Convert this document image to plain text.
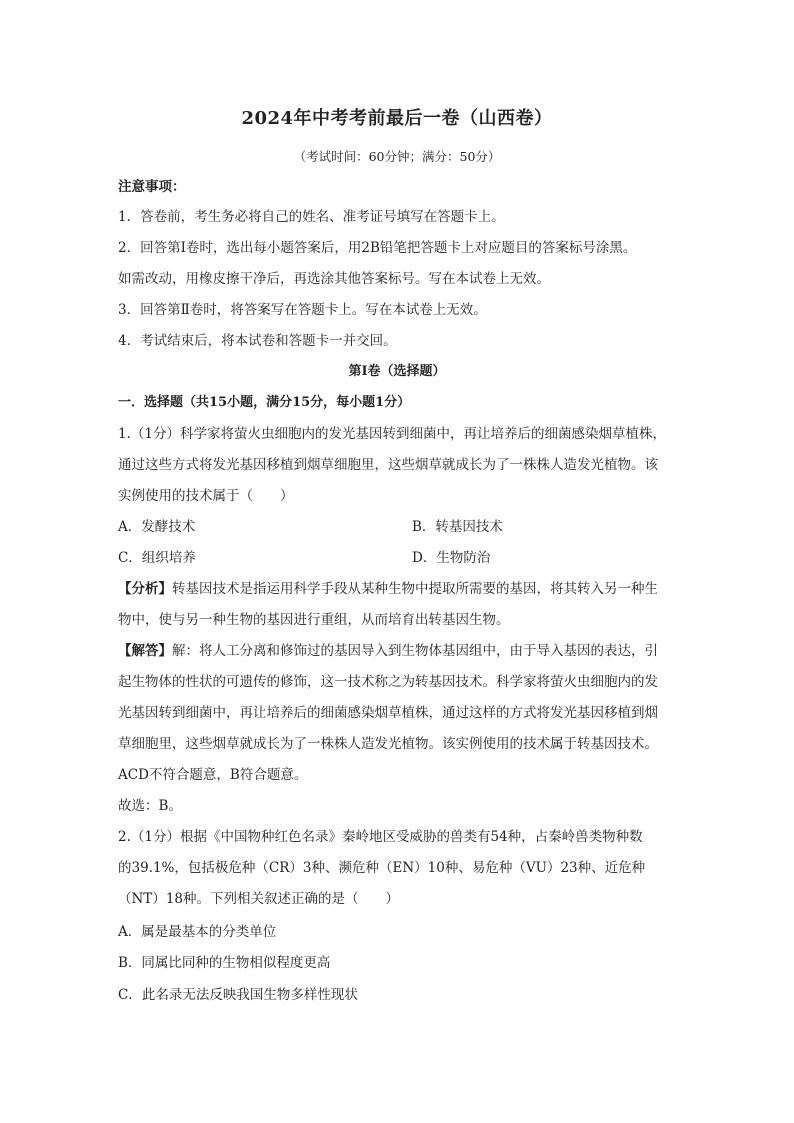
2024年中考考前最后一卷（山西卷）
（考试时间：60分钟；满分：50分）
注意事项：
1．答卷前，考生务必将自己的姓名、准考证号填写在答题卡上。
2．回答第Ⅰ卷时，选出每小题答案后，用2B铅笔把答题卡上对应题目的答案标号涂黑。
如需改动，用橡皮擦干净后，再选涂其他答案标号。写在本试卷上无效。
3．回答第Ⅱ卷时，将答案写在答题卡上。写在本试卷上无效。
4．考试结束后，将本试卷和答题卡一并交回。
第Ⅰ卷（选择题）
一．选择题（共15小题，满分15分，每小题1分）
1.（1分）科学家将萤火虫细胞内的发光基因转到细菌中，再让培养后的细菌感染烟草植株，
通过这些方式将发光基因移植到烟草细胞里，这些烟草就成长为了一株株人造发光植物。该
实例使用的技术属于（　　）
A．发酵技术	B．转基因技术
C．组织培养	D．生物防治
【分析】转基因技术是指运用科学手段从某种生物中提取所需要的基因，将其转入另一种生
物中，使与另一种生物的基因进行重组，从而培育出转基因生物。
【解答】解：将人工分离和修饰过的基因导入到生物体基因组中，由于导入基因的表达，引
起生物体的性状的可遗传的修饰，这一技术称之为转基因技术。科学家将萤火虫细胞内的发
光基因转到细菌中，再让培养后的细菌感染烟草植株，通过这样的方式将发光基因移植到烟
草细胞里，这些烟草就成长为了一株株人造发光植物。该实例使用的技术属于转基因技术。
ACD不符合题意，B符合题意。
故选：B。
2.（1分）根据《中国物种红色名录》秦岭地区受威胁的兽类有54种，占秦岭兽类物种数
的39.1%，包括极危种（CR）3种、濒危种（EN）10种、易危种（VU）23种、近危种
（NT）18种。下列相关叙述正确的是（　　）
A．属是最基本的分类单位
B．同属比同种的生物相似程度更高
C．此名录无法反映我国生物多样性现状
